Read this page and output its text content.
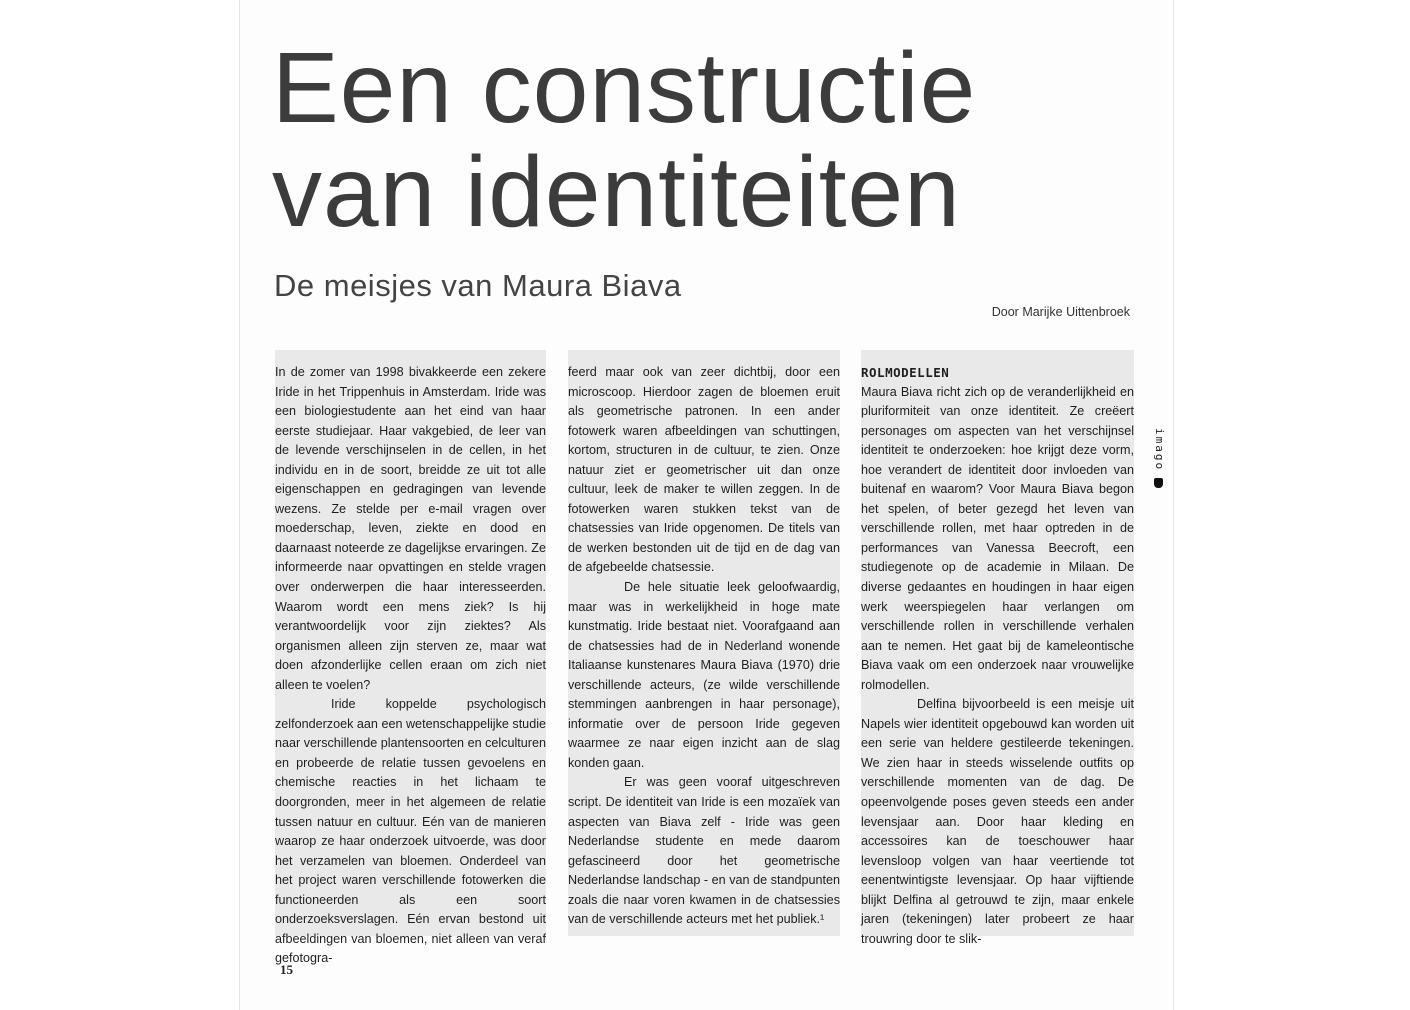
Een constructie
van identiteiten
De meisjes van Maura Biava
Door Marijke Uittenbroek

In de zomer van 1998 bivakkeerde een zekere Iride in het Trippenhuis in Amsterdam. Iride was een biologiestudente aan het eind van haar eerste studiejaar. Haar vakgebied, de leer van de levende verschijnselen in de cellen, in het individu en in de soort, breidde ze uit tot alle eigenschappen en gedragingen van levende wezens. Ze stelde per e-mail vragen over moederschap, leven, ziekte en dood en daarnaast noteerde ze dagelijkse ervaringen. Ze informeerde naar opvattingen en stelde vragen over onderwerpen die haar interesseerden. Waarom wordt een mens ziek? Is hij verantwoordelijk voor zijn ziektes? Als organismen alleen zijn sterven ze, maar wat doen afzonderlijke cellen eraan om zich niet alleen te voelen?

Iride koppelde psychologisch zelfonderzoek aan een wetenschappelijke studie naar verschillende plantensoorten en celculturen en probeerde de relatie tussen gevoelens en chemische reacties in het lichaam te doorgronden, meer in het algemeen de relatie tussen natuur en cultuur. Eén van de manieren waarop ze haar onderzoek uitvoerde, was door het verzamelen van bloemen. Onderdeel van het project waren verschillende fotowerken die functioneerden als een soort onderzoeksverslagen. Eén ervan bestond uit afbeeldingen van bloemen, niet alleen van veraf gefotogra-

feerd maar ook van zeer dichtbij, door een microscoop. Hierdoor zagen de bloemen eruit als geometrische patronen. In een ander fotowerk waren afbeeldingen van schuttingen, kortom, structuren in de cultuur, te zien. Onze natuur ziet er geometrischer uit dan onze cultuur, leek de maker te willen zeggen. In de fotowerken waren stukken tekst van de chatsessies van Iride opgenomen. De titels van de werken bestonden uit de tijd en de dag van de afgebeelde chatsessie.

De hele situatie leek geloofwaardig, maar was in werkelijkheid in hoge mate kunstmatig. Iride bestaat niet. Voorafgaand aan de chatsessies had de in Nederland wonende Italiaanse kunstenares Maura Biava (1970) drie verschillende acteurs, (ze wilde verschillende stemmingen aanbrengen in haar personage), informatie over de persoon Iride gegeven waarmee ze naar eigen inzicht aan de slag konden gaan.

Er was geen vooraf uitgeschreven script. De identiteit van Iride is een mozaïek van aspecten van Biava zelf - Iride was geen Nederlandse studente en mede daarom gefascineerd door het geometrische Nederlandse landschap - en van de standpunten zoals die naar voren kwamen in de chatsessies van de verschillende acteurs met het publiek.¹

ROLMODELLEN

Maura Biava richt zich op de veranderlijkheid en pluriformiteit van onze identiteit. Ze creëert personages om aspecten van het verschijnsel identiteit te onderzoeken: hoe krijgt deze vorm, hoe verandert de identiteit door invloeden van buitenaf en waarom? Voor Maura Biava begon het spelen, of beter gezegd het leven van verschillende rollen, met haar optreden in de performances van Vanessa Beecroft, een studiegenote op de academie in Milaan. De diverse gedaantes en houdingen in haar eigen werk weerspiegelen haar verlangen om verschillende rollen in verschillende verhalen aan te nemen. Het gaat bij de kameleontische Biava vaak om een onderzoek naar vrouwelijke rolmodellen.

Delfina bijvoorbeeld is een meisje uit Napels wier identiteit opgebouwd kan worden uit een serie van heldere gestileerde tekeningen. We zien haar in steeds wisselende outfits op verschillende momenten van de dag. De opeenvolgende poses geven steeds een ander levensjaar aan. Door haar kleding en accessoires kan de toeschouwer haar levensloop volgen van haar veertiende tot eenentwintigste levensjaar. Op haar vijftiende blijkt Delfina al getrouwd te zijn, maar enkele jaren (tekeningen) later probeert ze haar trouwring door te slik-

imago
15
